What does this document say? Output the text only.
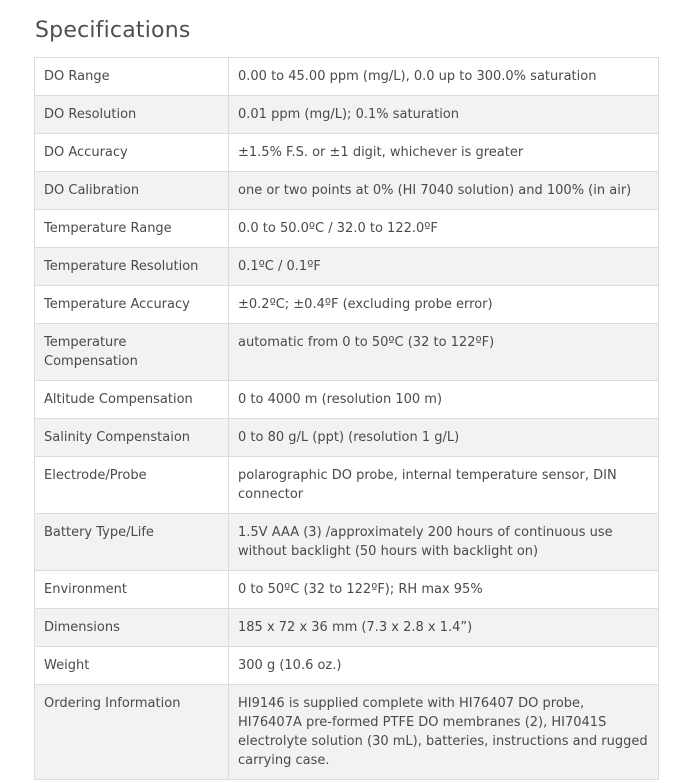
Specifications
DO Range	0.00 to 45.00 ppm (mg/L), 0.0 up to 300.0% saturation
DO Resolution	0.01 ppm (mg/L); 0.1% saturation
DO Accuracy	±1.5% F.S. or ±1 digit, whichever is greater
DO Calibration	one or two points at 0% (HI 7040 solution) and 100% (in air)
Temperature Range	0.0 to 50.0ºC / 32.0 to 122.0ºF
Temperature Resolution	0.1ºC / 0.1ºF
Temperature Accuracy	±0.2ºC; ±0.4ºF (excluding probe error)
Temperature Compensation	automatic from 0 to 50ºC (32 to 122ºF)
Altitude Compensation	0 to 4000 m (resolution 100 m)
Salinity Compenstaion	0 to 80 g/L (ppt) (resolution 1 g/L)
Electrode/Probe	polarographic DO probe, internal temperature sensor, DIN connector
Battery Type/Life	1.5V AAA (3) /approximately 200 hours of continuous use without backlight (50 hours with backlight on)
Environment	0 to 50ºC (32 to 122ºF); RH max 95%
Dimensions	185 x 72 x 36 mm (7.3 x 2.8 x 1.4”)
Weight	300 g (10.6 oz.)
Ordering Information	HI9146 is supplied complete with HI76407 DO probe, HI76407A pre-formed PTFE DO membranes (2), HI7041S electrolyte solution (30 mL), batteries, instructions and rugged carrying case.
